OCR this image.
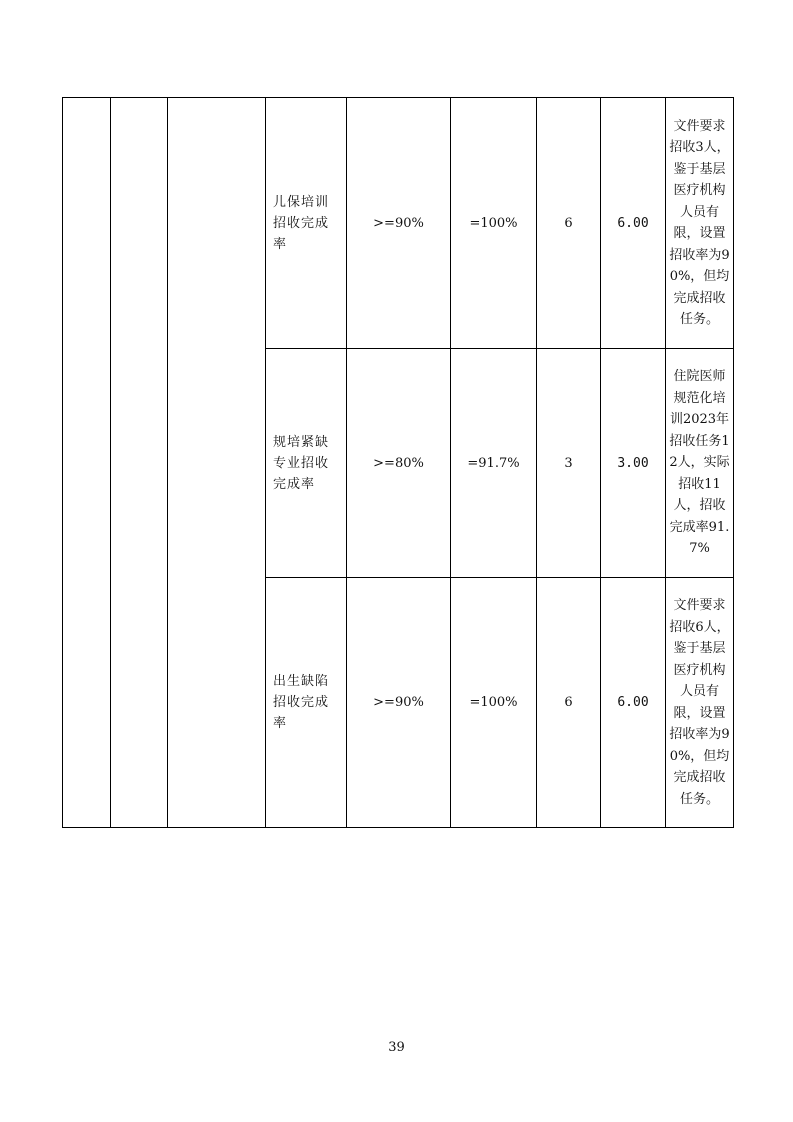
			儿保培训招收完成率	>=90%	=100%	6	6.00	文件要求招收3人，鉴于基层医疗机构人员有限，设置招收率为90%，但均完成招收任务。
			规培紧缺专业招收完成率	>=80%	=91.7%	3	3.00	住院医师规范化培训2023年招收任务12人，实际招收11人，招收完成率91.7%
			出生缺陷招收完成率	>=90%	=100%	6	6.00	文件要求招收6人，鉴于基层医疗机构人员有限，设置招收率为90%，但均完成招收任务。
39
